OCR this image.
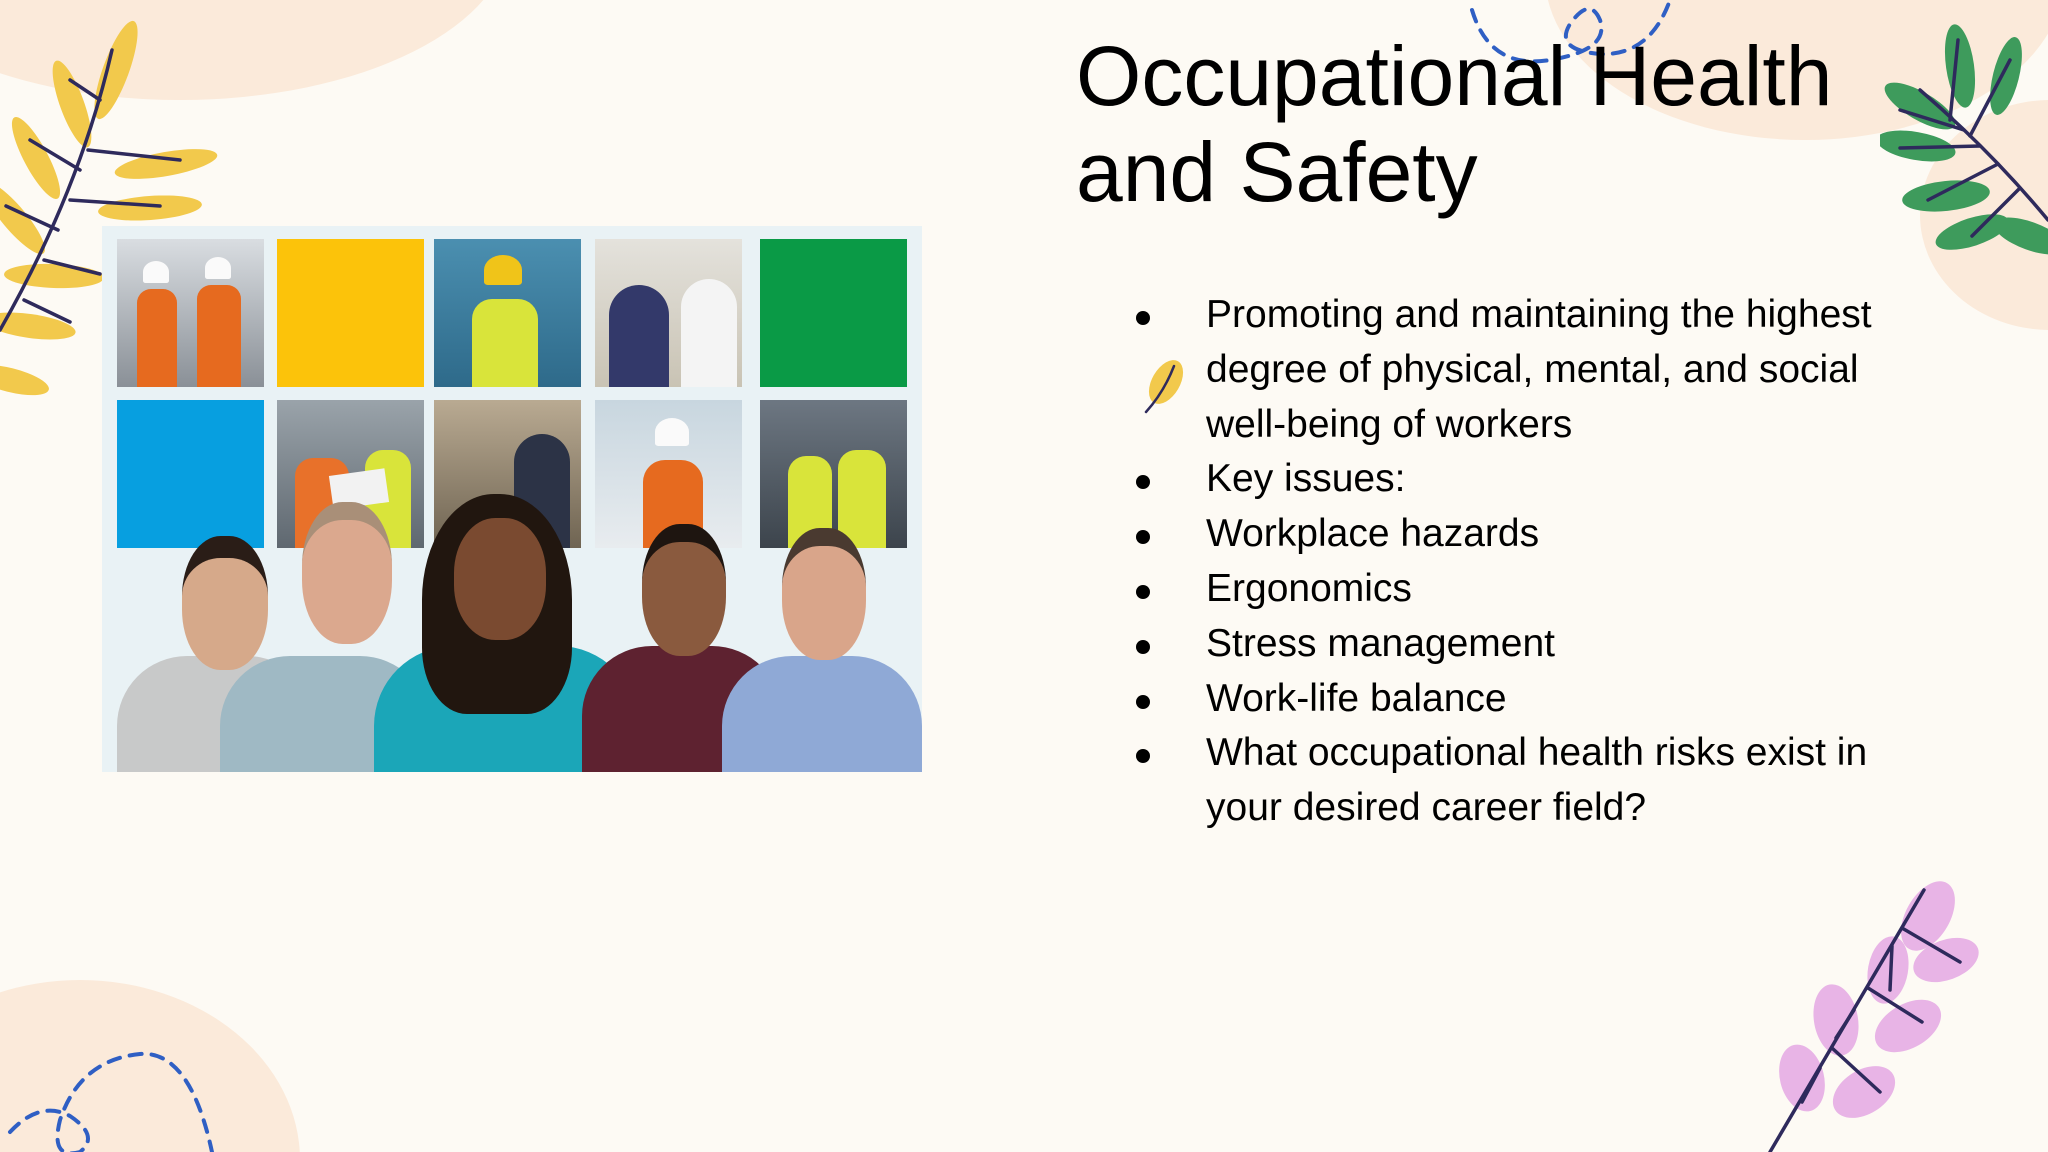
Occupational Health
and Safety
Promoting and maintaining the highest degree of physical, mental, and social well-being of workers
Key issues:
Workplace hazards
Ergonomics
Stress management
Work-life balance
What occupational health risks exist in your desired career field?
